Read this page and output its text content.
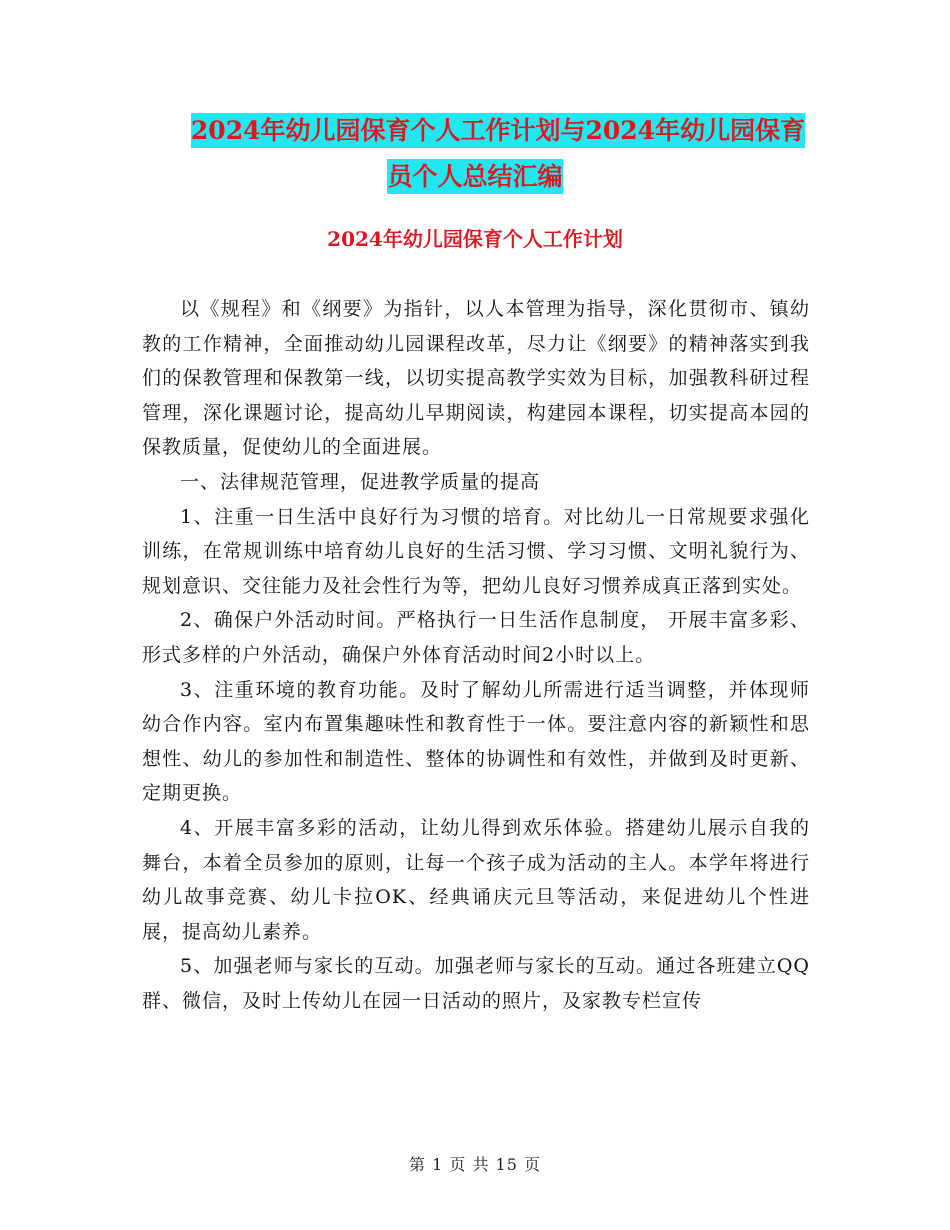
2024年幼儿园保育个人工作计划与2024年幼儿园保育
员个人总结汇编
2024年幼儿园保育个人工作计划

以《规程》和《纲要》为指针，以人本管理为指导，深化贯彻市、镇幼教的工作精神，全面推动幼儿园课程改革，尽力让《纲要》的精神落实到我们的保教管理和保教第一线，以切实提高教学实效为目标，加强教科研过程管理，深化课题讨论，提高幼儿早期阅读，构建园本课程，切实提高本园的保教质量，促使幼儿的全面进展。

一、法律规范管理，促进教学质量的提高

1、注重一日生活中良好行为习惯的培育。对比幼儿一日常规要求强化训练，在常规训练中培育幼儿良好的生活习惯、学习习惯、文明礼貌行为、规划意识、交往能力及社会性行为等，把幼儿良好习惯养成真正落到实处。

2、确保户外活动时间。严格执行一日生活作息制度， 开展丰富多彩、形式多样的户外活动，确保户外体育活动时间2小时以上。

3、注重环境的教育功能。及时了解幼儿所需进行适当调整，并体现师幼合作内容。室内布置集趣味性和教育性于一体。要注意内容的新颖性和思想性、幼儿的参加性和制造性、整体的协调性和有效性，并做到及时更新、定期更换。

4、开展丰富多彩的活动，让幼儿得到欢乐体验。搭建幼儿展示自我的舞台，本着全员参加的原则，让每一个孩子成为活动的主人。本学年将进行幼儿故事竞赛、幼儿卡拉OK、经典诵庆元旦等活动，来促进幼儿个性进展，提高幼儿素养。

5、加强老师与家长的互动。加强老师与家长的互动。通过各班建立QQ群、微信，及时上传幼儿在园一日活动的照片，及家教专栏宣传

第 1 页 共 15 页
